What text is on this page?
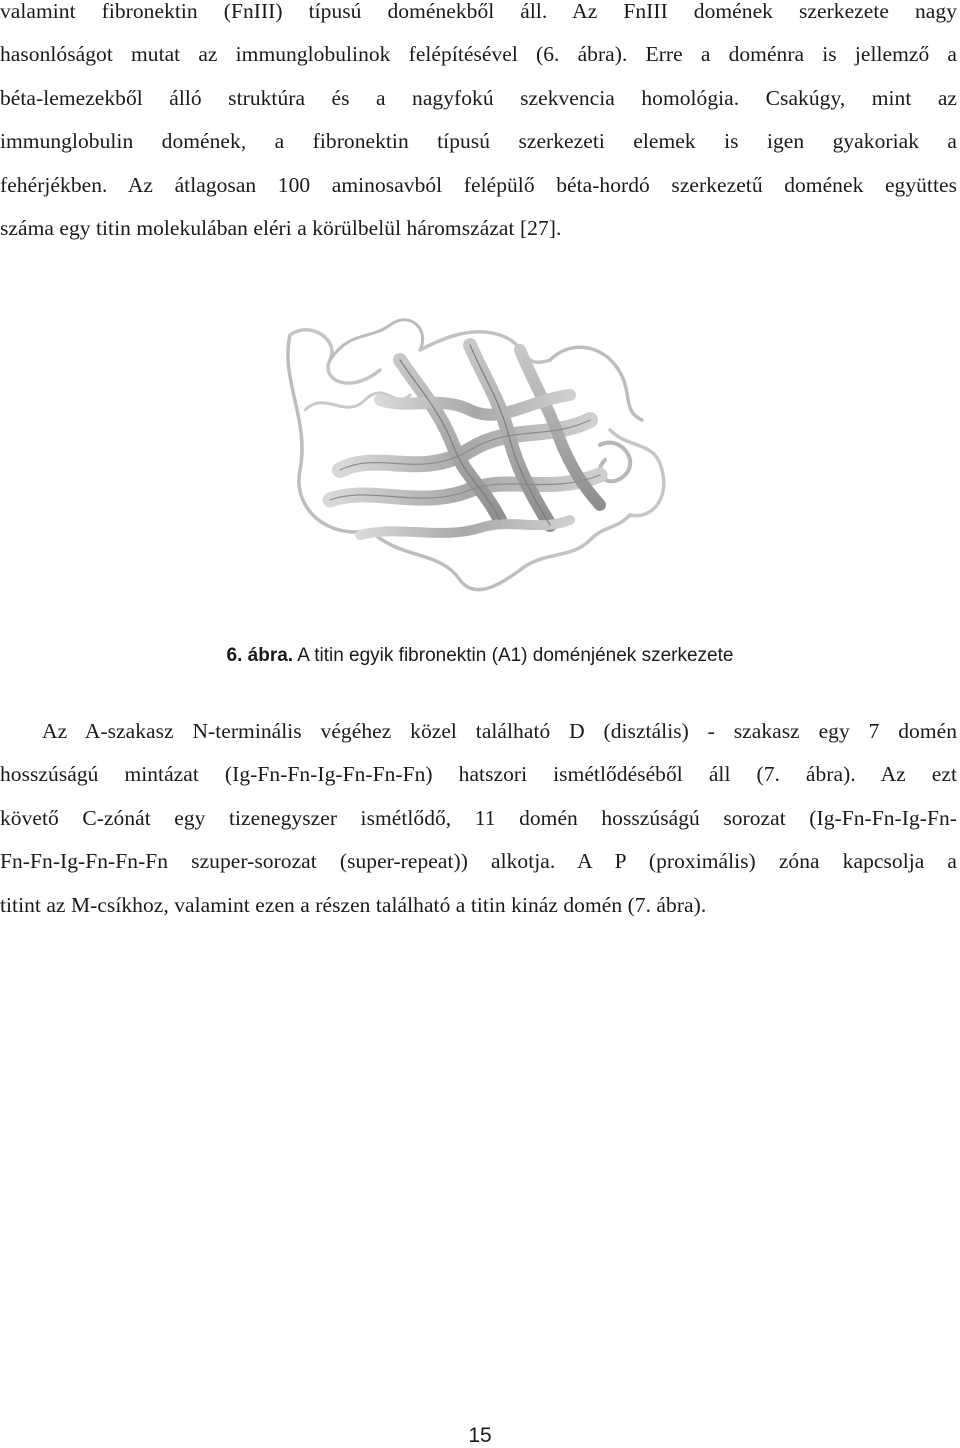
valamint fibronektin (FnIII) típusú doménekből áll. Az FnIII domének szerkezete nagy
hasonlóságot mutat az immunglobulinok felépítésével (6. ábra). Erre a doménra is jellemző a
béta-lemezekből álló struktúra és a nagyfokú szekvencia homológia. Csakúgy, mint az
immunglobulin domének, a fibronektin típusú szerkezeti elemek is igen gyakoriak a
fehérjékben. Az átlagosan 100 aminosavból felépülő béta-hordó szerkezetű domének együttes
száma egy titin molekulában eléri a körülbelül háromszázat [27].
6. ábra. A titin egyik fibronektin (A1) doménjének szerkezete
Az A-szakasz N-terminális végéhez közel található D (disztális) - szakasz egy 7 domén
hosszúságú mintázat (Ig-Fn-Fn-Ig-Fn-Fn-Fn) hatszori ismétlődéséből áll (7. ábra). Az ezt
követő C-zónát egy tizenegyszer ismétlődő, 11 domén hosszúságú sorozat (Ig-Fn-Fn-Ig-Fn-
Fn-Fn-Ig-Fn-Fn-Fn szuper-sorozat (super-repeat)) alkotja. A P (proximális) zóna kapcsolja a
titint az M-csíkhoz, valamint ezen a részen található a titin kináz domén (7. ábra).
15
